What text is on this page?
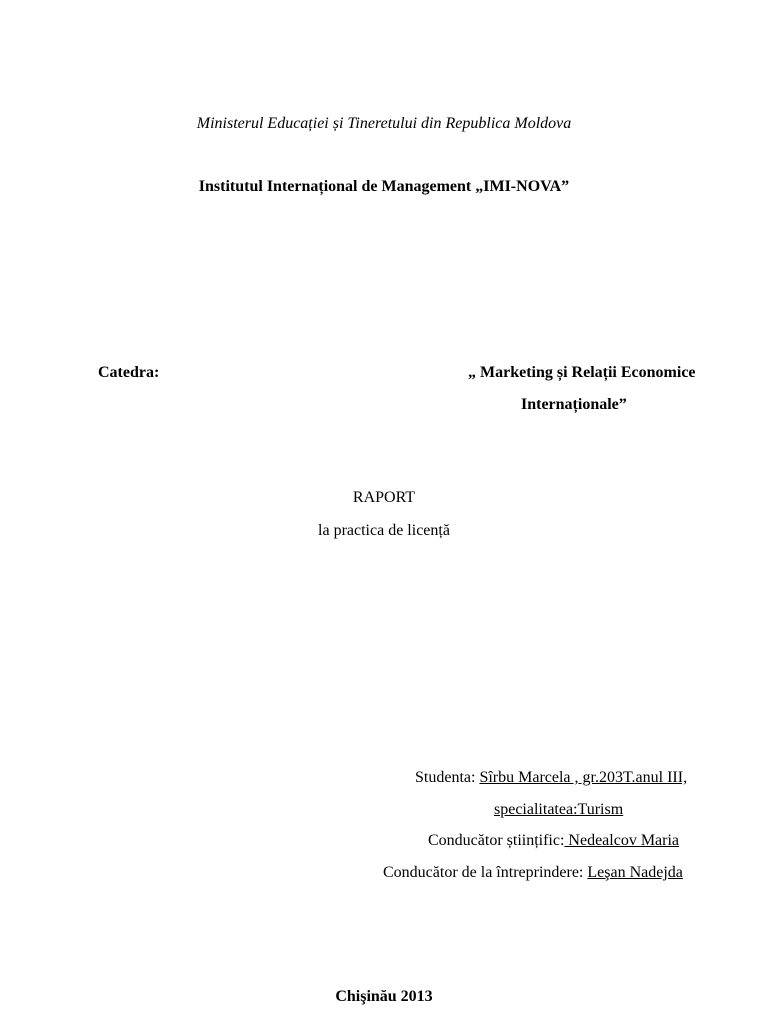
Ministerul Educației și Tineretului din Republica Moldova
Institutul Internațional de Management „IMI-NOVA”
Catedra:	„ Marketing și Relații Economice
Internaționale”
RAPORT
la practica de licență
Studenta: Sîrbu Marcela , gr.203T.anul III,
specialitatea:Turism
Conducător științific: Nedealcov Maria
Conducător de la întreprindere: Leşan Nadejda
Chişinău 2013
